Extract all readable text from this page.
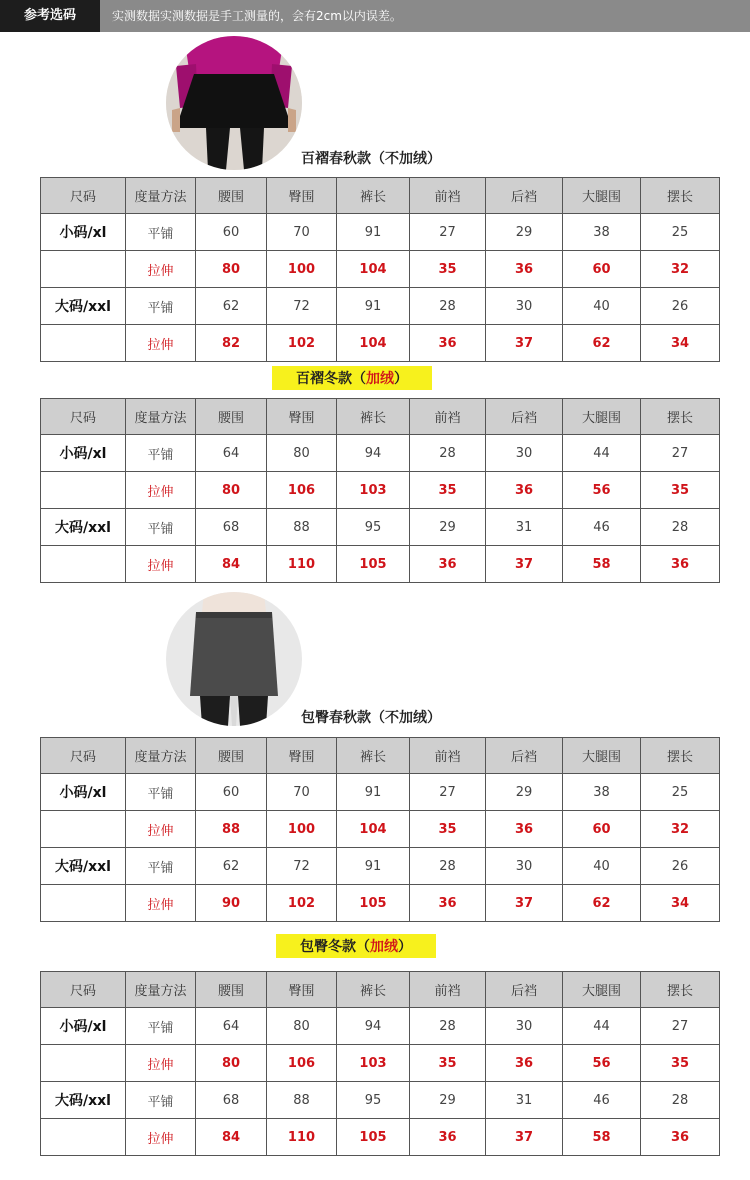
参考选码	实测数据实测数据是手工测量的，会有2cm以内误差。
百褶春秋款（不加绒）
尺码	度量方法	腰围	臀围	裤长	前裆	后裆	大腿围	摆长
小码/xl	平铺	60	70	91	27	29	38	25
	拉伸	80	100	104	35	36	60	32
大码/xxl	平铺	62	72	91	28	30	40	26
	拉伸	82	102	104	36	37	62	34
百褶冬款（加绒）
尺码	度量方法	腰围	臀围	裤长	前裆	后裆	大腿围	摆长
小码/xl	平铺	64	80	94	28	30	44	27
	拉伸	80	106	103	35	36	56	35
大码/xxl	平铺	68	88	95	29	31	46	28
	拉伸	84	110	105	36	37	58	36
包臀春秋款（不加绒）
尺码	度量方法	腰围	臀围	裤长	前裆	后裆	大腿围	摆长
小码/xl	平铺	60	70	91	27	29	38	25
	拉伸	88	100	104	35	36	60	32
大码/xxl	平铺	62	72	91	28	30	40	26
	拉伸	90	102	105	36	37	62	34
包臀冬款（加绒）
尺码	度量方法	腰围	臀围	裤长	前裆	后裆	大腿围	摆长
小码/xl	平铺	64	80	94	28	30	44	27
	拉伸	80	106	103	35	36	56	35
大码/xxl	平铺	68	88	95	29	31	46	28
	拉伸	84	110	105	36	37	58	36
